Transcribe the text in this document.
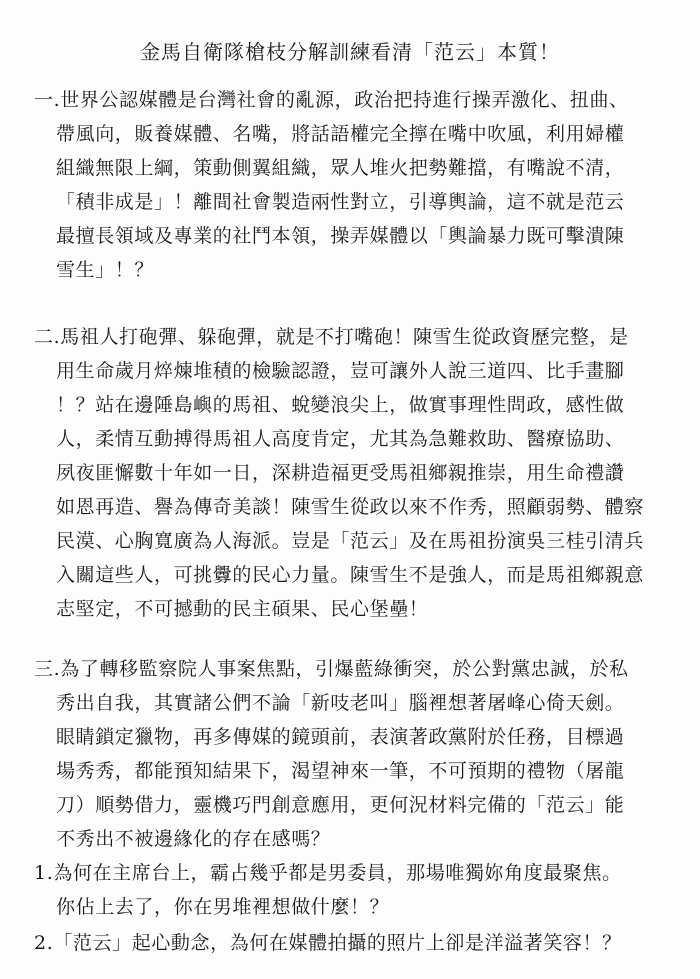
金馬自衛隊槍枝分解訓練看清「范云」本質！
一.世界公認媒體是台灣社會的亂源，政治把持進行操弄激化、扭曲、
帶風向，販養媒體、名嘴，將話語權完全擰在嘴中吹風，利用婦權
組織無限上綱，策動側翼組織，眾人堆火把勢難擋，有嘴說不清，
「積非成是」！離間社會製造兩性對立，引導輿論，這不就是范云
最擅長領域及專業的社鬥本領，操弄媒體以「輿論暴力既可擊潰陳
雪生」！？
二.馬祖人打砲彈、躲砲彈，就是不打嘴砲！陳雪生從政資歷完整，是
用生命歲月焠煉堆積的檢驗認證，豈可讓外人說三道四、比手畫腳
！？站在邊陲島嶼的馬祖、蛻變浪尖上，做實事理性問政，感性做
人，柔情互動搏得馬祖人高度肯定，尤其為急難救助、醫療協助、
夙夜匪懈數十年如一日，深耕造福更受馬祖鄉親推崇，用生命禮讚
如恩再造、譽為傳奇美談！陳雪生從政以來不作秀，照顧弱勢、體察
民漠、心胸寬廣為人海派。豈是「范云」及在馬祖扮演吳三桂引清兵
入關這些人，可挑釁的民心力量。陳雪生不是強人，而是馬祖鄉親意
志堅定，不可撼動的民主碩果、民心堡壘！
三.為了轉移監察院人事案焦點，引爆藍綠衝突，於公對黨忠誠，於私
秀出自我，其實諸公們不論「新吱老叫」腦裡想著屠峰心倚天劍。
眼睛鎖定獵物，再多傳媒的鏡頭前，表演著政黨附於任務，目標過
場秀秀，都能預知結果下，渴望神來一筆，不可預期的禮物（屠龍
刀）順勢借力，靈機巧門創意應用，更何況材料完備的「范云」能
不秀出不被邊緣化的存在感嗎？
1.為何在主席台上，霸占幾乎都是男委員，那場唯獨妳角度最聚焦。
你佔上去了，你在男堆裡想做什麼！？
2.「范云」起心動念，為何在媒體拍攝的照片上卻是洋溢著笑容！？
